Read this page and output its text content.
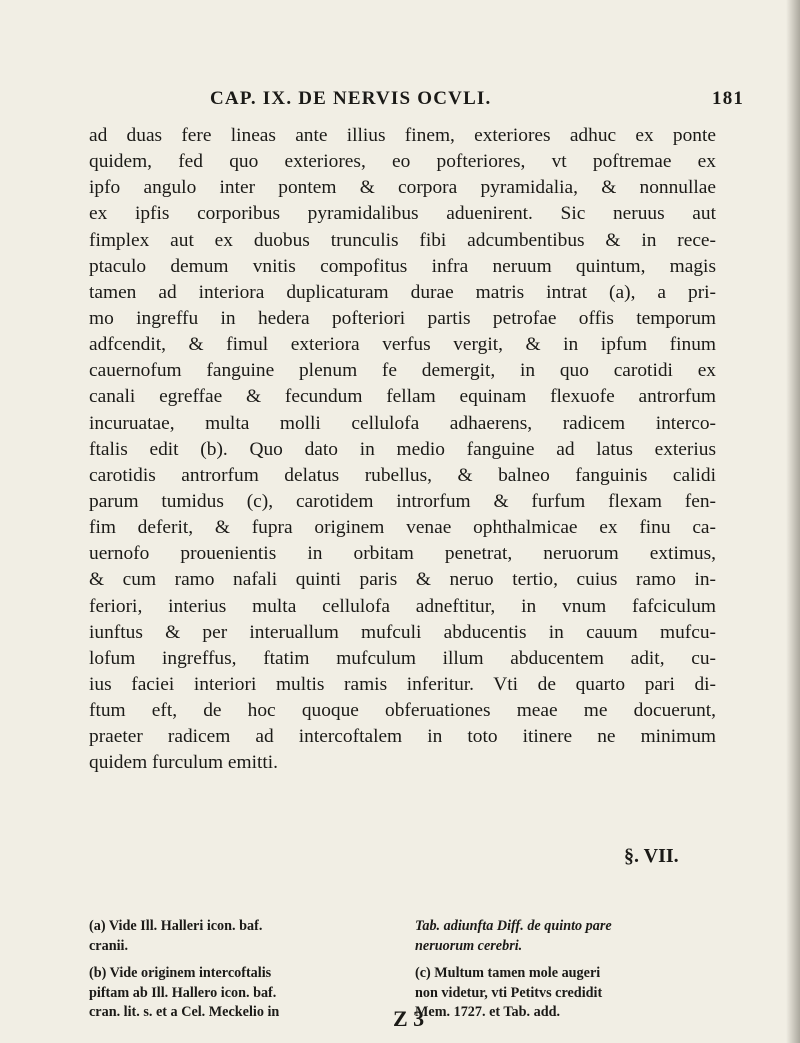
CAP. IX. DE NERVIS OCVLI.	181
ad duas fere lineas ante illius finem, exteriores adhuc ex ponte
quidem, fed quo exteriores, eo pofteriores, vt poftremae ex
ipfo angulo inter pontem & corpora pyramidalia, & nonnullae
ex ipfis corporibus pyramidalibus aduenirent. Sic neruus aut
fimplex aut ex duobus trunculis fibi adcumbentibus & in rece-
ptaculo demum vnitis compofitus infra neruum quintum, magis
tamen ad interiora duplicaturam durae matris intrat (a), a pri-
mo ingreffu in hedera pofteriori partis petrofae offis temporum
adfcendit, & fimul exteriora verfus vergit, & in ipfum finum
cauernofum fanguine plenum fe demergit, in quo carotidi ex
canali egreffae & fecundum fellam equinam flexuofe antrorfum
incuruatae, multa molli cellulofa adhaerens, radicem interco-
ftalis edit (b). Quo dato in medio fanguine ad latus exterius
carotidis antrorfum delatus rubellus, & balneo fanguinis calidi
parum tumidus (c), carotidem introrfum & furfum flexam fen-
fim deferit, & fupra originem venae ophthalmicae ex finu ca-
uernofo prouenientis in orbitam penetrat, neruorum extimus,
& cum ramo nafali quinti paris & neruo tertio, cuius ramo in-
feriori, interius multa cellulofa adneftitur, in vnum fafciculum
iunftus & per interuallum mufculi abducentis in cauum mufcu-
lofum ingreffus, ftatim mufculum illum abducentem adit, cu-
ius faciei interiori multis ramis inferitur. Vti de quarto pari di-
ftum eft, de hoc quoque obferuationes meae me docuerunt,
praeter radicem ad intercoftalem in toto itinere ne minimum
quidem furculum emitti.
§. VII.
(a) Vide Ill. Halleri icon. baf.
cranii.
(b) Vide originem intercoftalis
piftam ab Ill. Hallero icon. baf.
cran. lit. s. et a Cel. Meckelio in
Tab. adiunfta Diff. de quinto pare
neruorum cerebri.
(c) Multum tamen mole augeri
non videtur, vti Petitvs credidit
Mem. 1727. et Tab. add.
Z 3
